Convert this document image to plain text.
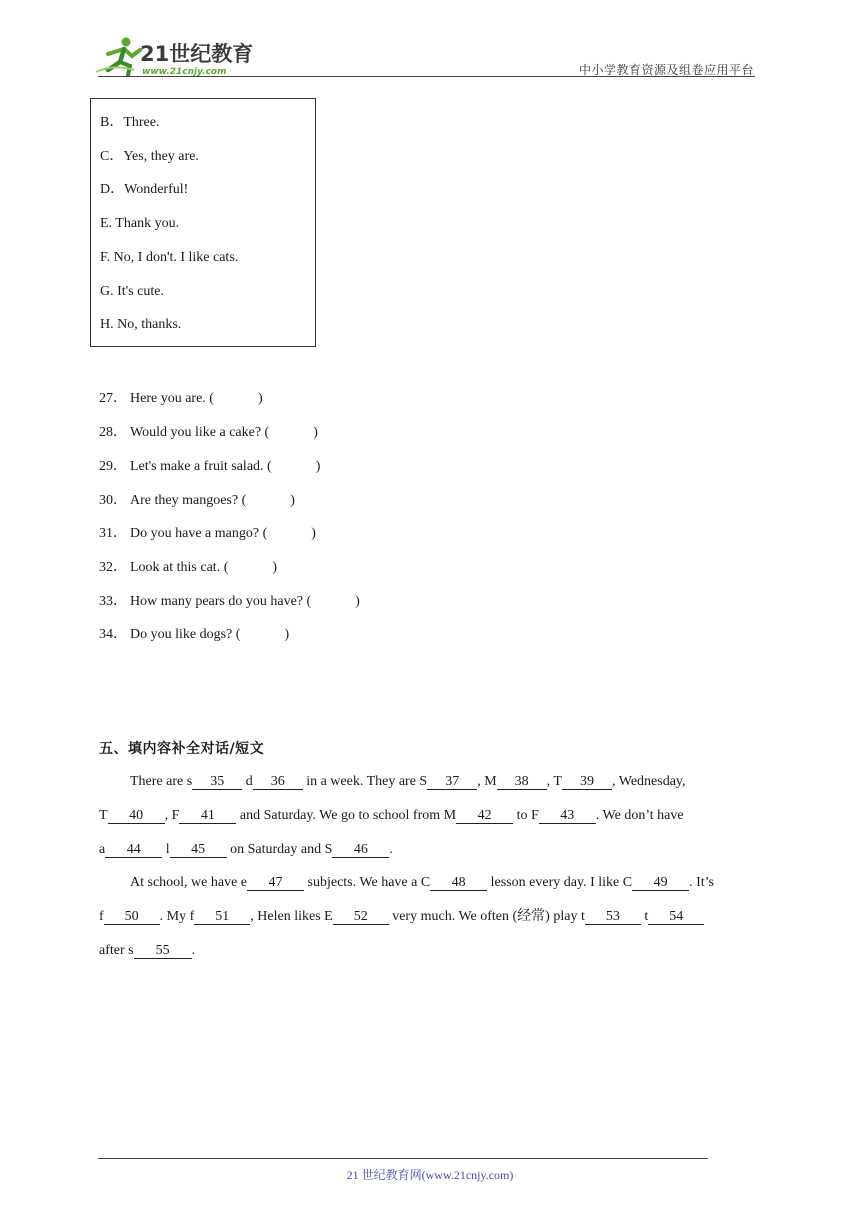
21世纪教育
www.21cnjy.com	中小学教育资源及组卷应用平台
B．Three.
C．Yes, they are.
D．Wonderful!
E. Thank you.
F. No, I don't. I like cats.
G. It's cute.
H. No, thanks.
27． Here you are. (	)
28． Would you like a cake? (	)
29． Let's make a fruit salad. (	)
30． Are they mangoes? (	)
31． Do you have a mango? (	)
32． Look at this cat. (	)
33． How many pears do you have? (	)
34． Do you like dogs? (	)
五、填内容补全对话/短文
There are s 35 d 36 in a week. They are S 37 , M 38 , T 39 , Wednesday,
T 40 , F 41 and Saturday. We go to school from M 42 to F 43 . We don’t have
a 44 l 45 on Saturday and S 46 .
At school, we have e 47 subjects. We have a C 48 lesson every day. I like C 49 . It’s
f 50 . My f 51 , Helen likes E 52 very much. We often (经常) play t 53 t 54
after s 55 .
21 世纪教育网(www.21cnjy.com)
